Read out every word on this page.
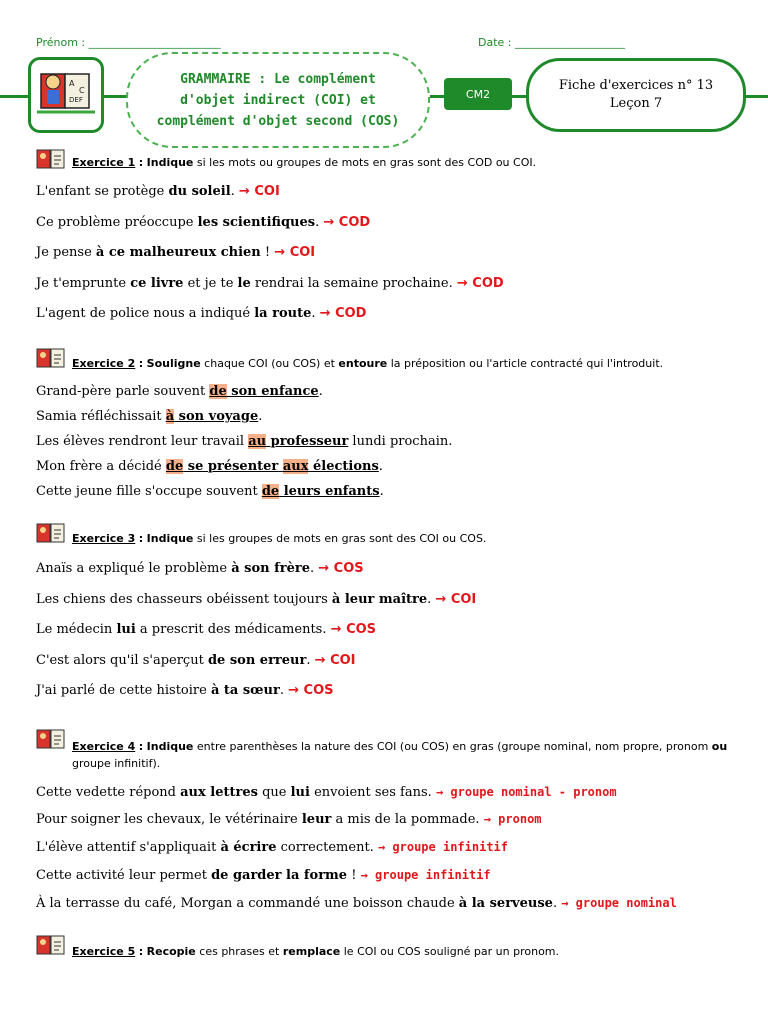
Prénom : ________________________	Date : ____________________
A
C
DEF
GRAMMAIRE : Le complément
d'objet indirect (COI) et
complément d'objet second (COS)
CM2
Fiche d'exercices n° 13
Leçon 7
Exercice 1 : Indique si les mots ou groupes de mots en gras sont des COD ou COI.
L'enfant se protège du soleil. → COI
Ce problème préoccupe les scientifiques. → COD
Je pense à ce malheureux chien ! → COI
Je t'emprunte ce livre et je te le rendrai la semaine prochaine. → COD
L'agent de police nous a indiqué la route. → COD
Exercice 2 : Souligne chaque COI (ou COS) et entoure la préposition ou l'article contracté qui l'introduit.
Grand-père parle souvent de son enfance.
Samia réfléchissait à son voyage.
Les élèves rendront leur travail au professeur lundi prochain.
Mon frère a décidé de se présenter aux élections.
Cette jeune fille s'occupe souvent de leurs enfants.
Exercice 3 : Indique si les groupes de mots en gras sont des COI ou COS.
Anaïs a expliqué le problème à son frère. → COS
Les chiens des chasseurs obéissent toujours à leur maître. → COI
Le médecin lui a prescrit des médicaments. → COS
C'est alors qu'il s'aperçut de son erreur. → COI
J'ai parlé de cette histoire à ta sœur. → COS
Exercice 4 : Indique entre parenthèses la nature des COI (ou COS) en gras (groupe nominal, nom propre, pronom ou groupe infinitif).
Cette vedette répond aux lettres que lui envoient ses fans. → groupe nominal - pronom
Pour soigner les chevaux, le vétérinaire leur a mis de la pommade. → pronom
L'élève attentif s'appliquait à écrire correctement. → groupe infinitif
Cette activité leur permet de garder la forme ! → groupe infinitif
À la terrasse du café, Morgan a commandé une boisson chaude à la serveuse. → groupe nominal
Exercice 5 : Recopie ces phrases et remplace le COI ou COS souligné par un pronom.
